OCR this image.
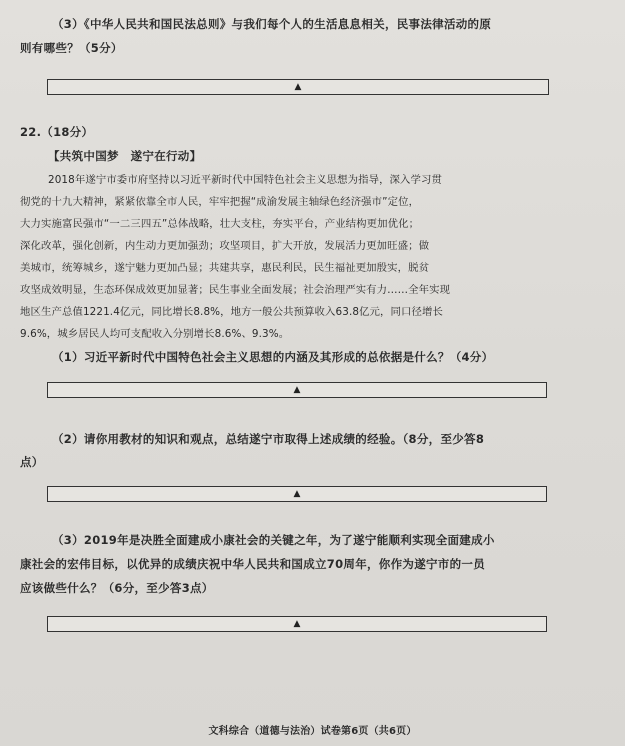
（3）《中华人民共和国民法总则》与我们每个人的生活息息相关，民事法律活动的原
则有哪些？（5分）
▲
22.（18分）
【共筑中国梦　遂宁在行动】
2018年遂宁市委市府坚持以习近平新时代中国特色社会主义思想为指导，深入学习贯
彻党的十九大精神，紧紧依靠全市人民，牢牢把握“成渝发展主轴绿色经济强市”定位，
大力实施富民强市“一二三四五”总体战略，壮大支柱，夯实平台，产业结构更加优化；
深化改革，强化创新，内生动力更加强劲；攻坚项目，扩大开放，发展活力更加旺盛；做
美城市，统筹城乡，遂宁魅力更加凸显；共建共享，惠民利民，民生福祉更加殷实，脱贫
攻坚成效明显，生态环保成效更加显著；民生事业全面发展；社会治理严实有力……全年实现
地区生产总值1221.4亿元，同比增长8.8%，地方一般公共预算收入63.8亿元，同口径增长
9.6%，城乡居民人均可支配收入分别增长8.6%、9.3%。
（1）习近平新时代中国特色社会主义思想的内涵及其形成的总依据是什么？（4分）
▲
（2）请你用教材的知识和观点，总结遂宁市取得上述成绩的经验。（8分，至少答8
点）
▲
（3）2019年是决胜全面建成小康社会的关键之年，为了遂宁能顺利实现全面建成小
康社会的宏伟目标，以优异的成绩庆祝中华人民共和国成立70周年，你作为遂宁市的一员
应该做些什么？（6分，至少答3点）
▲
文科综合（道德与法治）试卷第6页（共6页）
